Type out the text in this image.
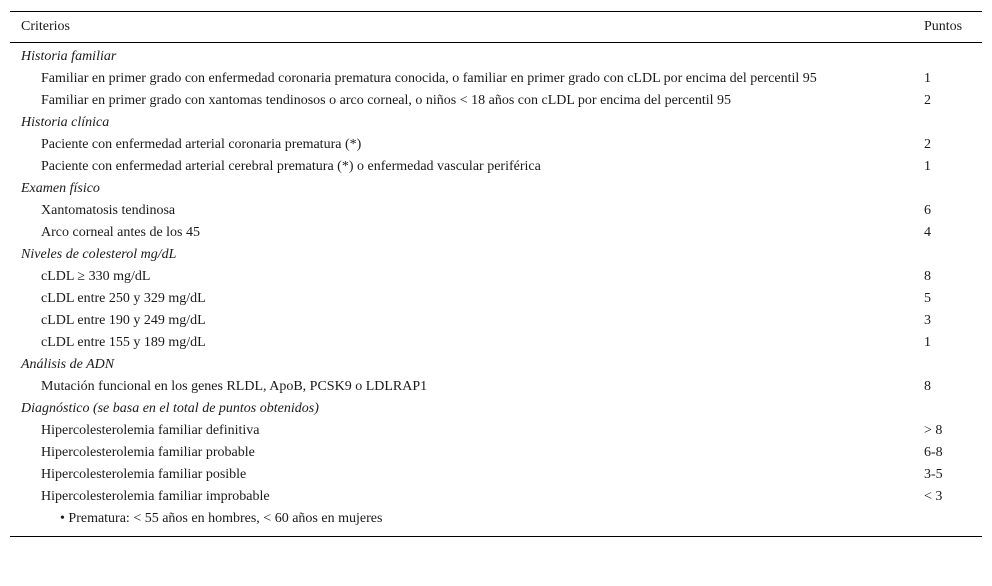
Criterios	Puntos
Historia familiar
Familiar en primer grado con enfermedad coronaria prematura conocida, o familiar en primer grado con cLDL por encima del percentil 95	1
Familiar en primer grado con xantomas tendinosos o arco corneal, o niños < 18 años con cLDL por encima del percentil 95	2
Historia clínica
Paciente con enfermedad arterial coronaria prematura (*)	2
Paciente con enfermedad arterial cerebral prematura (*) o enfermedad vascular periférica	1
Examen físico
Xantomatosis tendinosa	6
Arco corneal antes de los 45	4
Niveles de colesterol mg/dL
cLDL ≥ 330 mg/dL	8
cLDL entre 250 y 329 mg/dL	5
cLDL entre 190 y 249 mg/dL	3
cLDL entre 155 y 189 mg/dL	1
Análisis de ADN
Mutación funcional en los genes RLDL, ApoB, PCSK9 o LDLRAP1	8
Diagnóstico (se basa en el total de puntos obtenidos)
Hipercolesterolemia familiar definitiva	> 8
Hipercolesterolemia familiar probable	6-8
Hipercolesterolemia familiar posible	3-5
Hipercolesterolemia familiar improbable	< 3
• Prematura: < 55 años en hombres, < 60 años en mujeres
